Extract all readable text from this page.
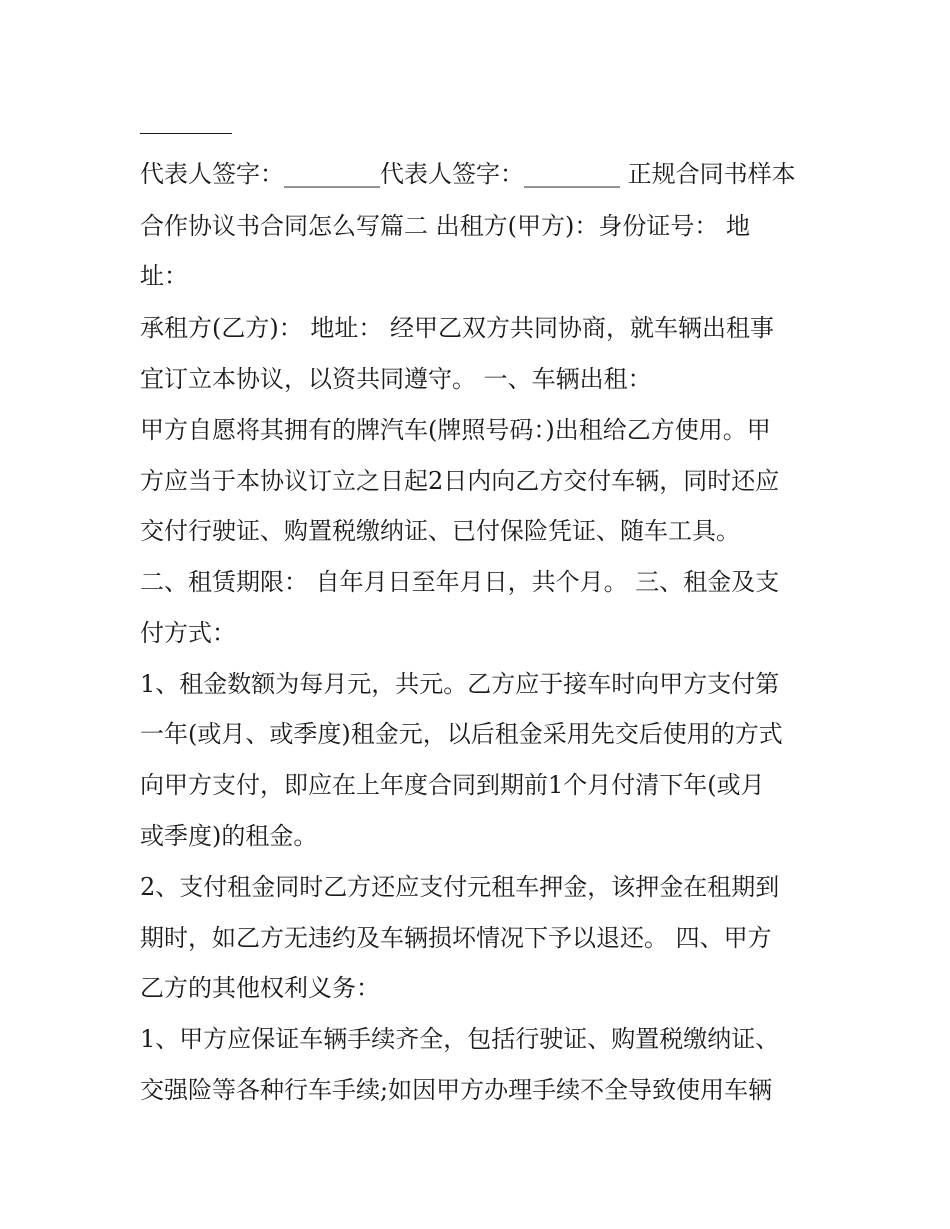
代表人签字：________代表人签字：________ 正规合同书样本
合作协议书合同怎么写篇二 出租方(甲方)：身份证号： 地
址：
承租方(乙方)： 地址： 经甲乙双方共同协商，就车辆出租事
宜订立本协议，以资共同遵守。 一、车辆出租：
甲方自愿将其拥有的牌汽车(牌照号码：)出租给乙方使用。甲
方应当于本协议订立之日起2日内向乙方交付车辆，同时还应
交付行驶证、购置税缴纳证、已付保险凭证、随车工具。
二、租赁期限： 自年月日至年月日，共个月。 三、租金及支
付方式：
1、租金数额为每月元，共元。乙方应于接车时向甲方支付第
一年(或月、或季度)租金元，以后租金采用先交后使用的方式
向甲方支付，即应在上年度合同到期前1个月付清下年(或月
或季度)的租金。
2、支付租金同时乙方还应支付元租车押金，该押金在租期到
期时，如乙方无违约及车辆损坏情况下予以退还。 四、甲方
乙方的其他权利义务：
1、甲方应保证车辆手续齐全，包括行驶证、购置税缴纳证、
交强险等各种行车手续;如因甲方办理手续不全导致使用车辆
